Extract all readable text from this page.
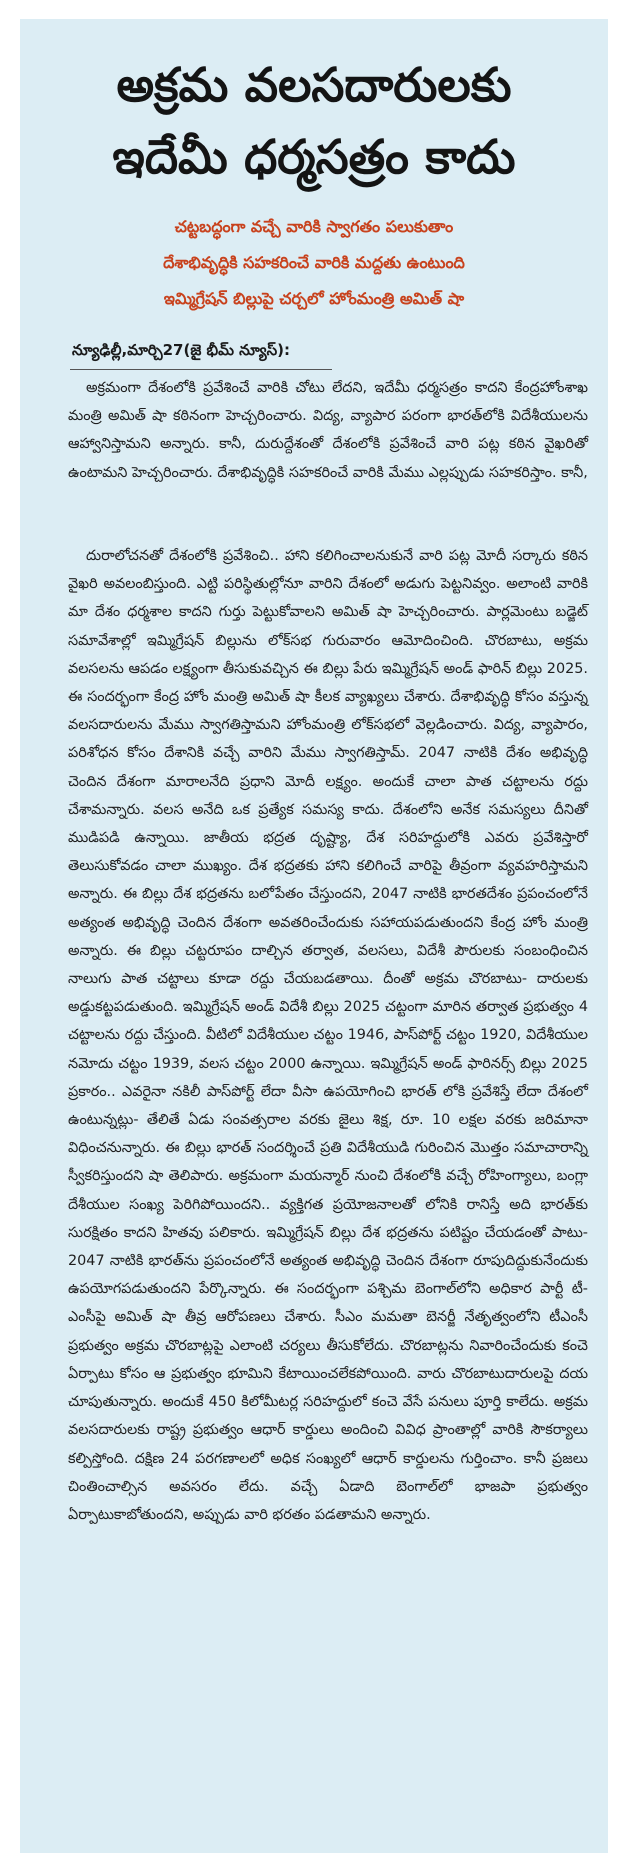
అక్రమ వలసదారులకు
ఇదేమీ ధర్మసత్రం కాదు

చట్టబద్ధంగా వచ్చే వారికి స్వాగతం పలుకుతాం

దేశాభివృద్ధికి సహకరించే వారికి మద్దతు ఉంటుంది

ఇమ్మిగ్రేషన్ బిల్లుపై చర్చలో హోంమంత్రి అమిత్ షా

న్యూఢిల్లీ,మార్చి27(జై భీమ్ న్యూస్):

అక్రమంగా దేశంలోకి ప్రవేశించే వారికి చోటు లేదని, ఇదేమీ ధర్మసత్రం కాదని కేంద్రహోంశాఖ మంత్రి అమిత్ షా కఠినంగా హెచ్చరించారు. విద్య, వ్యాపార పరంగా భారత్‌లోకి విదేశీయులను ఆహ్వానిస్తామని అన్నారు. కానీ, దురుద్దేశంతో దేశంలోకి ప్రవేశించే వారి పట్ల కఠిన వైఖరితో ఉంటామని హెచ్చరించారు. దేశాభివృద్ధికి సహకరించే వారికి మేము ఎల్లప్పుడు సహకరిస్తాం. కానీ,

దురాలోచనతో దేశంలోకి ప్రవేశించి.. హాని కలిగించాలనుకునే వారి పట్ల మోదీ సర్కారు కఠిన వైఖరి అవలంబిస్తుంది. ఎట్టి పరిస్థితుల్లోనూ వారిని దేశంలో అడుగు పెట్టనివ్వం. అలాంటి వారికి మా దేశం ధర్మశాల కాదని గుర్తు పెట్టుకోవాలని అమిత్ షా హెచ్చరించారు. పార్లమెంటు బడ్జెట్ సమావేశాల్లో ఇమ్మిగ్రేషన్ బిల్లును లోక్‌సభ గురువారం ఆమోదించింది. చొరబాటు, అక్రమ వలసలను ఆపడం లక్ష్యంగా తీసుకువచ్చిన ఈ బిల్లు పేరు ఇమ్మిగ్రేషన్ అండ్ ఫారిన్ బిల్లు 2025. ఈ సందర్భంగా కేంద్ర హోం మంత్రి అమిత్ షా కీలక వ్యాఖ్యలు చేశారు. దేశాభివృద్ధి కోసం వస్తున్న వలసదారులను మేము స్వాగతిస్తామని హోంమంత్రి లోక్‌సభలో వెల్లడించారు. విద్య, వ్యాపారం, పరిశోధన కోసం దేశానికి వచ్చే వారిని మేము స్వాగతిస్తామ్. 2047 నాటికి దేశం అభివృద్ధి చెందిన దేశంగా మారాలనేది ప్రధాని మోదీ లక్ష్యం. అందుకే చాలా పాత చట్టాలను రద్దు చేశామన్నారు. వలస అనేది ఒక ప్రత్యేక సమస్య కాదు. దేశంలోని అనేక సమస్యలు దీనితో ముడిపడి ఉన్నాయి. జాతీయ భద్రత దృష్ట్యా, దేశ సరిహద్దులోకి ఎవరు ప్రవేశిస్తారో తెలుసుకోవడం చాలా ముఖ్యం. దేశ భద్రతకు హాని కలిగించే వారిపై తీవ్రంగా వ్యవహరిస్తామని అన్నారు. ఈ బిల్లు దేశ భద్రతను బలోపేతం చేస్తుందని, 2047 నాటికి భారతదేశం ప్రపంచంలోనే అత్యంత అభివృద్ధి చెందిన దేశంగా అవతరించేందుకు సహాయపడుతుందని కేంద్ర హోం మంత్రి అన్నారు. ఈ బిల్లు చట్టరూపం దాల్చిన తర్వాత, వలసలు, విదేశీ పౌరులకు సంబంధించిన నాలుగు పాత చట్టాలు కూడా రద్దు చేయబడతాయి. దీంతో అక్రమ చొరబాటు- దారులకు అడ్డుకట్టపడుతుంది. ఇమ్మిగ్రేషన్ అండ్ విదేశీ బిల్లు 2025 చట్టంగా మారిన తర్వాత ప్రభుత్వం 4 చట్టాలను రద్దు చేస్తుంది. వీటిలో విదేశీయుల చట్టం 1946, పాస్‌పోర్ట్ చట్టం 1920, విదేశీయుల నమోదు చట్టం 1939, వలస చట్టం 2000 ఉన్నాయి. ఇమ్మిగ్రేషన్ అండ్ ఫారినర్స్ బిల్లు 2025 ప్రకారం.. ఎవరైనా నకిలీ పాస్‌పోర్ట్ లేదా వీసా ఉపయోగించి భారత్ లోకి ప్రవేశిస్తే లేదా దేశంలో ఉంటున్నట్లు- తేలితే ఏడు సంవత్సరాల వరకు జైలు శిక్ష, రూ. 10 లక్షల వరకు జరిమానా విధించనున్నారు. ఈ బిల్లు భారత్ సందర్శించే ప్రతి విదేశీయుడి గురించిన మొత్తం సమాచారాన్ని స్వీకరిస్తుందని షా తెలిపారు. అక్రమంగా మయన్మార్ నుంచి దేశంలోకి వచ్చే రోహింగ్యాలు, బంగ్లా దేశీయుల సంఖ్య పెరిగిపోయిందని.. వ్యక్తిగత ప్రయోజనాలతో లోనికి రానిస్తే అది భారత్‌కు సురక్షితం కాదని హితవు పలికారు. ఇమ్మిగ్రేషన్ బిల్లు దేశ భద్రతను పటిష్టం చేయడంతో పాటు- 2047 నాటికి భారత్‌ను ప్రపంచంలోనే అత్యంత అభివృద్ధి చెందిన దేశంగా రూపుదిద్దుకునేందుకు ఉపయోగపడుతుందని పేర్కొన్నారు. ఈ సందర్భంగా పశ్చిమ బెంగాల్‌లోని అధికార పార్టీ టీ-ఎంసీపై అమిత్ షా తీవ్ర ఆరోపణలు చేశారు. సీఎం మమతా బెనర్జీ నేతృత్వంలోని టీఎంసీ ప్రభుత్వం అక్రమ చొరబాట్లపై ఎలాంటి చర్యలు తీసుకోలేదు. చొరబాట్లను నివారించేందుకు కంచె ఏర్పాటు కోసం ఆ ప్రభుత్వం భూమిని కేటాయించలేకపోయింది. వారు చొరబాటుదారులపై దయ చూపుతున్నారు. అందుకే 450 కిలోమీటర్ల సరిహద్దులో కంచె వేసే పనులు పూర్తి కాలేదు. అక్రమ వలసదారులకు రాష్ట్ర ప్రభుత్వం ఆధార్ కార్డులు అందించి వివిధ ప్రాంతాల్లో వారికి సౌకర్యాలు కల్పిస్తోంది. దక్షిణ 24 పరగణాలలో అధిక సంఖ్యలో ఆధార్ కార్డులను గుర్తించాం. కానీ ప్రజలు చింతించాల్సిన అవసరం లేదు. వచ్చే ఏడాది బెంగాల్‌లో భాజపా ప్రభుత్వం ఏర్పాటుకాబోతుందని, అప్పుడు వారి భరతం పడతామని అన్నారు.
